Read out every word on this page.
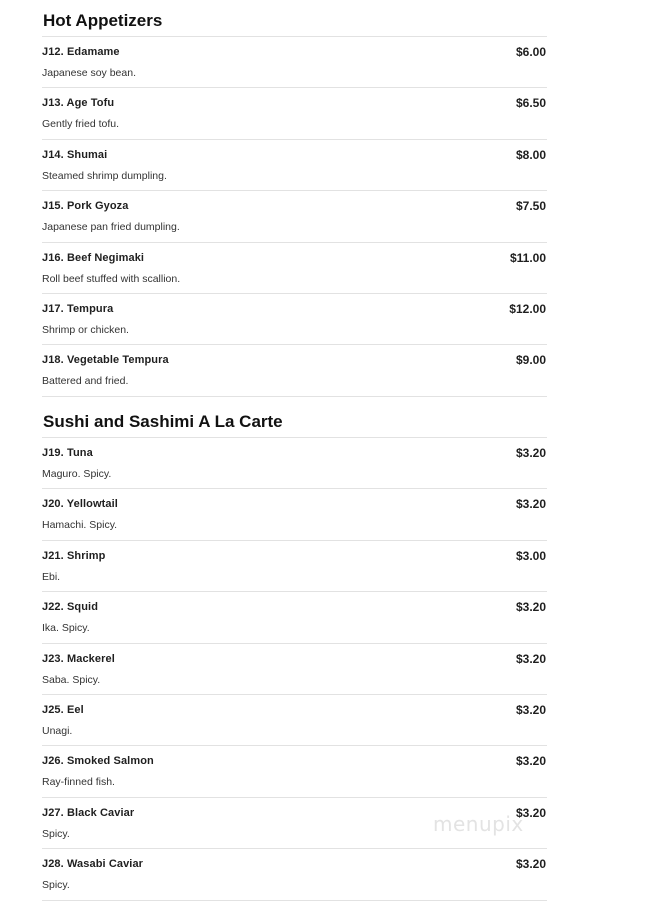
Hot Appetizers
J12. Edamame
Japanese soy bean.
$6.00
J13. Age Tofu
Gently fried tofu.
$6.50
J14. Shumai
Steamed shrimp dumpling.
$8.00
J15. Pork Gyoza
Japanese pan fried dumpling.
$7.50
J16. Beef Negimaki
Roll beef stuffed with scallion.
$11.00
J17. Tempura
Shrimp or chicken.
$12.00
J18. Vegetable Tempura
Battered and fried.
$9.00
Sushi and Sashimi A La Carte
J19. Tuna
Maguro. Spicy.
$3.20
J20. Yellowtail
Hamachi. Spicy.
$3.20
J21. Shrimp
Ebi.
$3.00
J22. Squid
Ika. Spicy.
$3.20
J23. Mackerel
Saba. Spicy.
$3.20
J25. Eel
Unagi.
$3.20
J26. Smoked Salmon
Ray-finned fish.
$3.20
J27. Black Caviar
Spicy.
$3.20
J28. Wasabi Caviar
Spicy.
$3.20
menupix
